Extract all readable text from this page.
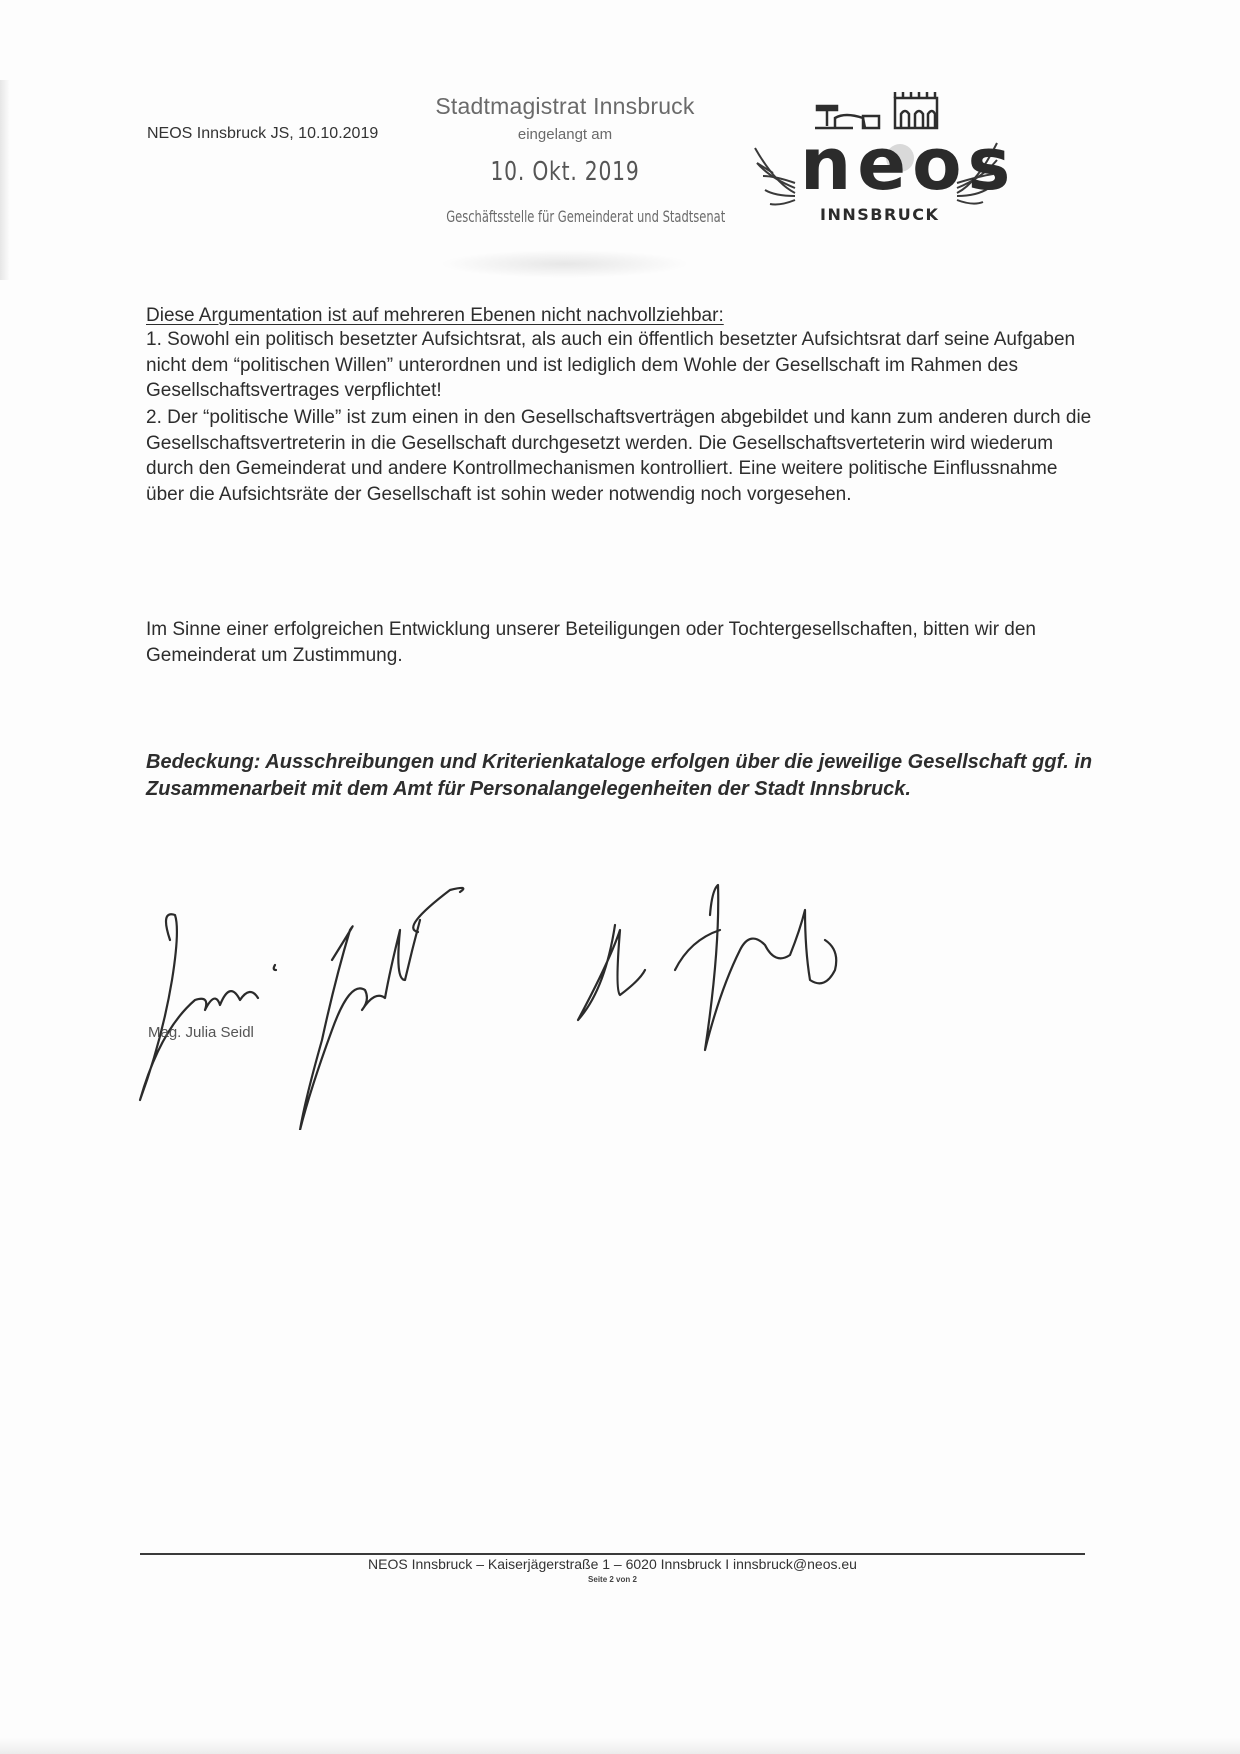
NEOS Innsbruck JS, 10.10.2019
Stadtmagistrat Innsbruck
eingelangt am
10. Okt. 2019
Geschäftsstelle für Gemeinderat und Stadtsenat
neos
INNSBRUCK

Diese Argumentation ist auf mehreren Ebenen nicht nachvollziehbar:

1. Sowohl ein politisch besetzter Aufsichtsrat, als auch ein öffentlich besetzter Aufsichtsrat darf seine Aufgaben nicht dem “politischen Willen” unterordnen und ist lediglich dem Wohle der Gesellschaft im Rahmen des Gesellschaftsvertrages verpflichtet!

2. Der “politische Wille” ist zum einen in den Gesellschaftsverträgen abgebildet und kann zum anderen durch die Gesellschaftsvertreterin in die Gesellschaft durchgesetzt werden. Die Gesellschaftsverteterin wird wiederum durch den Gemeinderat und andere Kontrollmechanismen kontrolliert. Eine weitere politische Einflussnahme über die Aufsichtsräte der Gesellschaft ist sohin weder notwendig noch vorgesehen.

Im Sinne einer erfolgreichen Entwicklung unserer Beteiligungen oder Tochtergesellschaften, bitten wir den Gemeinderat um Zustimmung.

Bedeckung: Ausschreibungen und Kriterienkataloge erfolgen über die jeweilige Gesellschaft ggf. in Zusammenarbeit mit dem Amt für Personalangelegenheiten der Stadt Innsbruck.

Mag. Julia Seidl
NEOS Innsbruck – Kaiserjägerstraße 1 – 6020 Innsbruck I innsbruck@neos.eu
Seite 2 von 2
